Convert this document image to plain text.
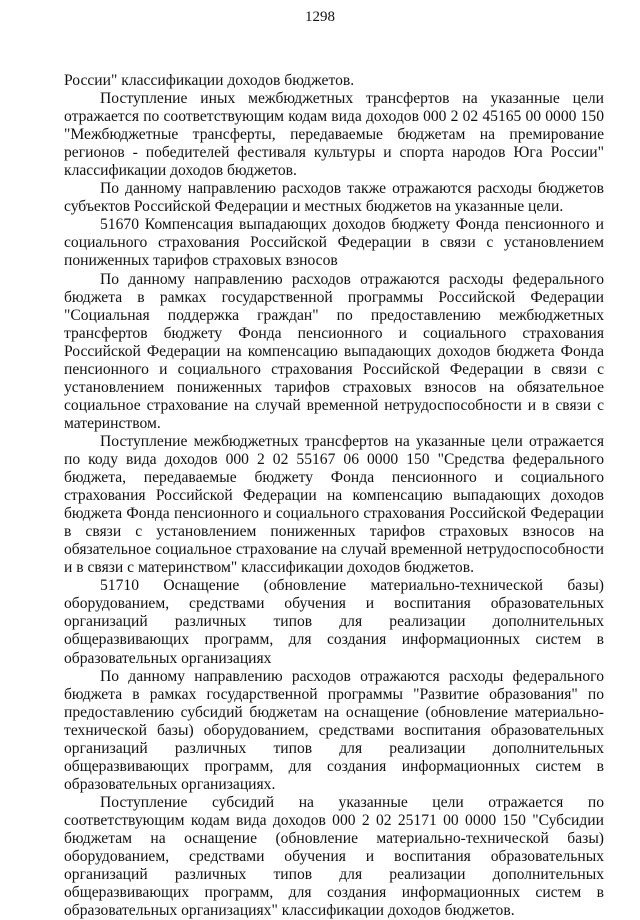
1298

России" классификации доходов бюджетов.

Поступление иных межбюджетных трансфертов на указанные цели отражается по соответствующим кодам вида доходов 000 2 02 45165 00 0000 150 "Межбюджетные трансферты, передаваемые бюджетам на премирование регионов - победителей фестиваля культуры и спорта народов Юга России" классификации доходов бюджетов.

По данному направлению расходов также отражаются расходы бюджетов субъектов Российской Федерации и местных бюджетов на указанные цели.

51670 Компенсация выпадающих доходов бюджету Фонда пенсионного и социального страхования Российской Федерации в связи с установлением пониженных тарифов страховых взносов

По данному направлению расходов отражаются расходы федерального бюджета в рамках государственной программы Российской Федерации "Социальная поддержка граждан" по предоставлению межбюджетных трансфертов бюджету Фонда пенсионного и социального страхования Российской Федерации на компенсацию выпадающих доходов бюджета Фонда пенсионного и социального страхования Российской Федерации в связи с установлением пониженных тарифов страховых взносов на обязательное социальное страхование на случай временной нетрудоспособности и в связи с материнством.

Поступление межбюджетных трансфертов на указанные цели отражается по коду вида доходов 000 2 02 55167 06 0000 150 "Средства федерального бюджета, передаваемые бюджету Фонда пенсионного и социального страхования Российской Федерации на компенсацию выпадающих доходов бюджета Фонда пенсионного и социального страхования Российской Федерации в связи с установлением пониженных тарифов страховых взносов на обязательное социальное страхование на случай временной нетрудоспособности и в связи с материнством" классификации доходов бюджетов.

51710 Оснащение (обновление материально-технической базы) оборудованием, средствами обучения и воспитания образовательных организаций различных типов для реализации дополнительных общеразвивающих программ, для создания информационных систем в образовательных организациях

По данному направлению расходов отражаются расходы федерального бюджета в рамках государственной программы "Развитие образования" по предоставлению субсидий бюджетам на оснащение (обновление материально-технической базы) оборудованием, средствами воспитания образовательных организаций различных типов для реализации дополнительных общеразвивающих программ, для создания информационных систем в образовательных организациях.

Поступление субсидий на указанные цели отражается по соответствующим кодам вида доходов 000 2 02 25171 00 0000 150 "Субсидии бюджетам на оснащение (обновление материально-технической базы) оборудованием, средствами обучения и воспитания образовательных организаций различных типов для реализации дополнительных общеразвивающих программ, для создания информационных систем в образовательных организациях" классификации доходов бюджетов.
